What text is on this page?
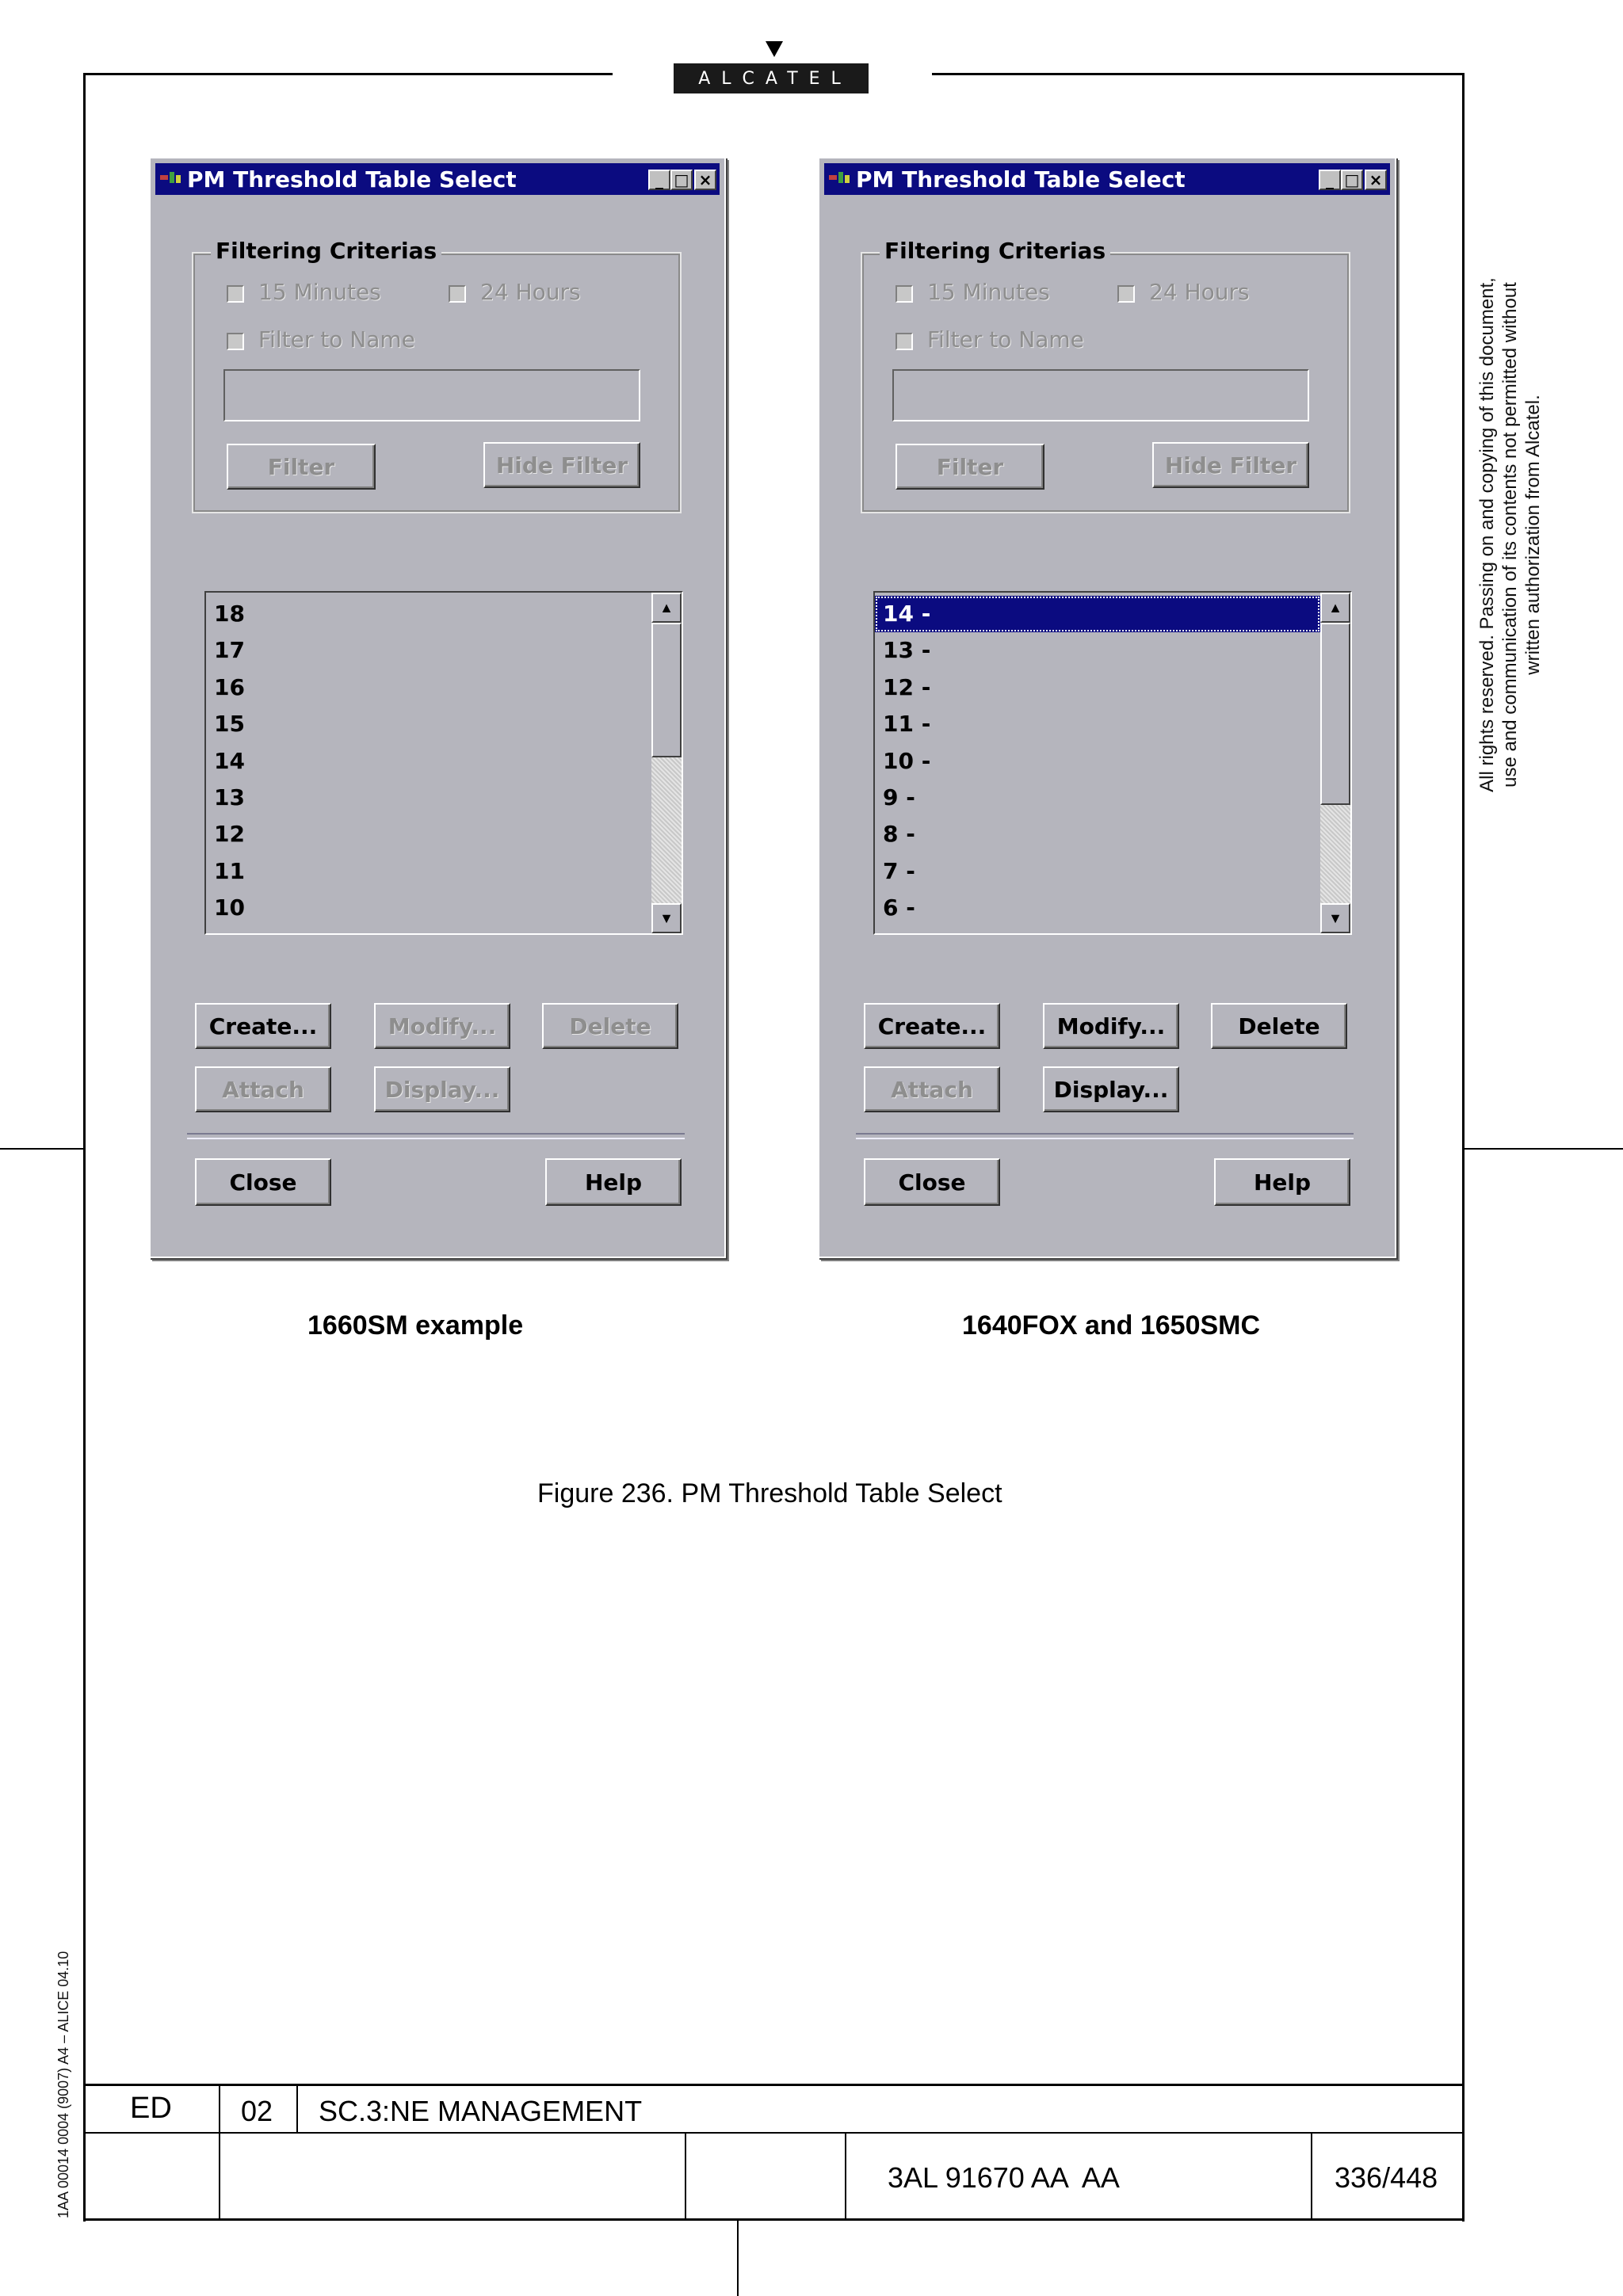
ALCATEL
All rights reserved. Passing on and copying of this document, use and communication of its contents not permitted without written authorization from Alcatel.
1AA 00014 0004 (9007) A4 – ALICE 04.10
PM Threshold Table Select	_ □ ×
Filtering Criterias
15 Minutes	24 Hours
Filter to Name
Filter	Hide Filter
18
17
16
15
14
13
12
11
10
▲
▼
Create...	Modify...	Delete
Attach	Display...
Close	Help
PM Threshold Table Select	_ □ ×
Filtering Criterias
15 Minutes	24 Hours
Filter to Name
Filter	Hide Filter
14 -
13 -
12 -
11 -
10 -
9 -
8 -
7 -
6 -
▲
▼
Create...	Modify...	Delete
Attach	Display...
Close	Help
1660SM example	1640FOX and 1650SMC
Figure 236. PM Threshold Table Select
ED 02 SC.3:NE MANAGEMENT
3AL 91670 AA  AA	336/448
